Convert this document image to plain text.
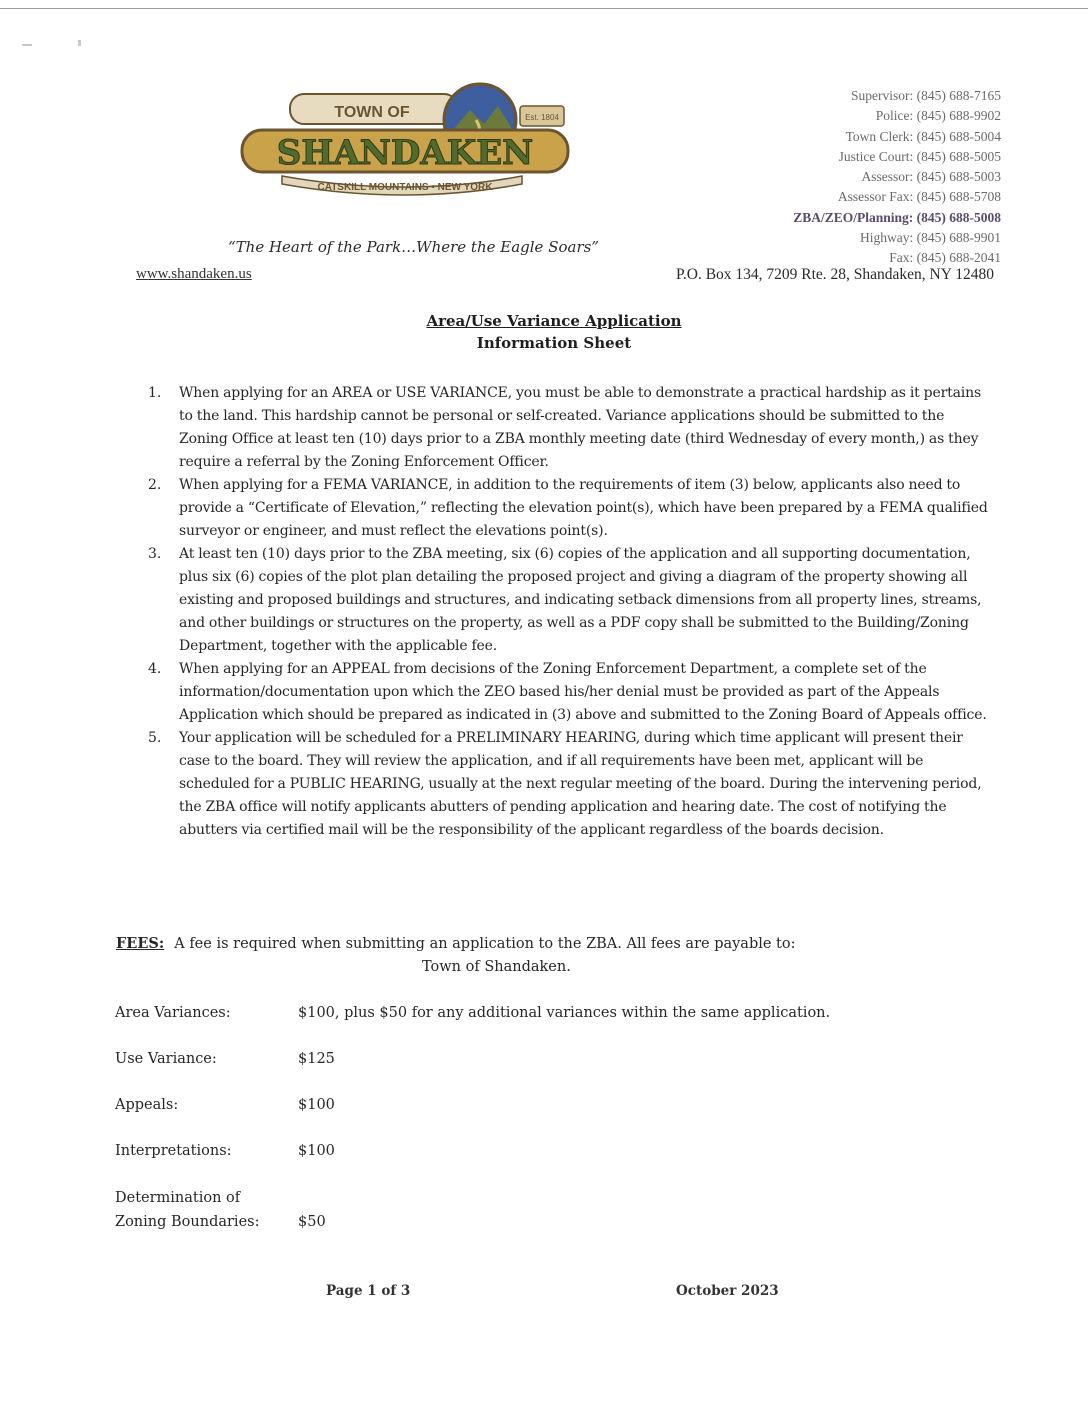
TOWN OF	Est. 1804
SHANDAKEN
CATSKILL MOUNTAINS • NEW YORK
“The Heart of the Park…Where the Eagle Soars”
www.shandaken.us
Supervisor: (845) 688-7165
Police: (845) 688-9902
Town Clerk: (845) 688-5004
Justice Court: (845) 688-5005
Assessor: (845) 688-5003
Assessor Fax: (845) 688-5708
ZBA/ZEO/Planning: (845) 688-5008
Highway: (845) 688-9901
Fax: (845) 688-2041
P.O. Box 134, 7209 Rte. 28, Shandaken, NY 12480
Area/Use Variance Application
Information Sheet
1. When applying for an AREA or USE VARIANCE, you must be able to demonstrate a practical hardship as it pertains to the land. This hardship cannot be personal or self-created. Variance applications should be submitted to the Zoning Office at least ten (10) days prior to a ZBA monthly meeting date (third Wednesday of every month,) as they require a referral by the Zoning Enforcement Officer.
2. When applying for a FEMA VARIANCE, in addition to the requirements of item (3) below, applicants also need to provide a “Certificate of Elevation,” reflecting the elevation point(s), which have been prepared by a FEMA qualified surveyor or engineer, and must reflect the elevations point(s).
3. At least ten (10) days prior to the ZBA meeting, six (6) copies of the application and all supporting documentation, plus six (6) copies of the plot plan detailing the proposed project and giving a diagram of the property showing all existing and proposed buildings and structures, and indicating setback dimensions from all property lines, streams, and other buildings or structures on the property, as well as a PDF copy shall be submitted to the Building/Zoning Department, together with the applicable fee.
4. When applying for an APPEAL from decisions of the Zoning Enforcement Department, a complete set of the information/documentation upon which the ZEO based his/her denial must be provided as part of the Appeals Application which should be prepared as indicated in (3) above and submitted to the Zoning Board of Appeals office.
5. Your application will be scheduled for a PRELIMINARY HEARING, during which time applicant will present their case to the board. They will review the application, and if all requirements have been met, applicant will be scheduled for a PUBLIC HEARING, usually at the next regular meeting of the board. During the intervening period, the ZBA office will notify applicants abutters of pending application and hearing date. The cost of notifying the abutters via certified mail will be the responsibility of the applicant regardless of the boards decision.
FEES: A fee is required when submitting an application to the ZBA. All fees are payable to:
Town of Shandaken.
Area Variances:	$100, plus $50 for any additional variances within the same application.
Use Variance:	$125
Appeals:	$100
Interpretations:	$100
Determination of
Zoning Boundaries:	$50
Page 1 of 3	October 2023
